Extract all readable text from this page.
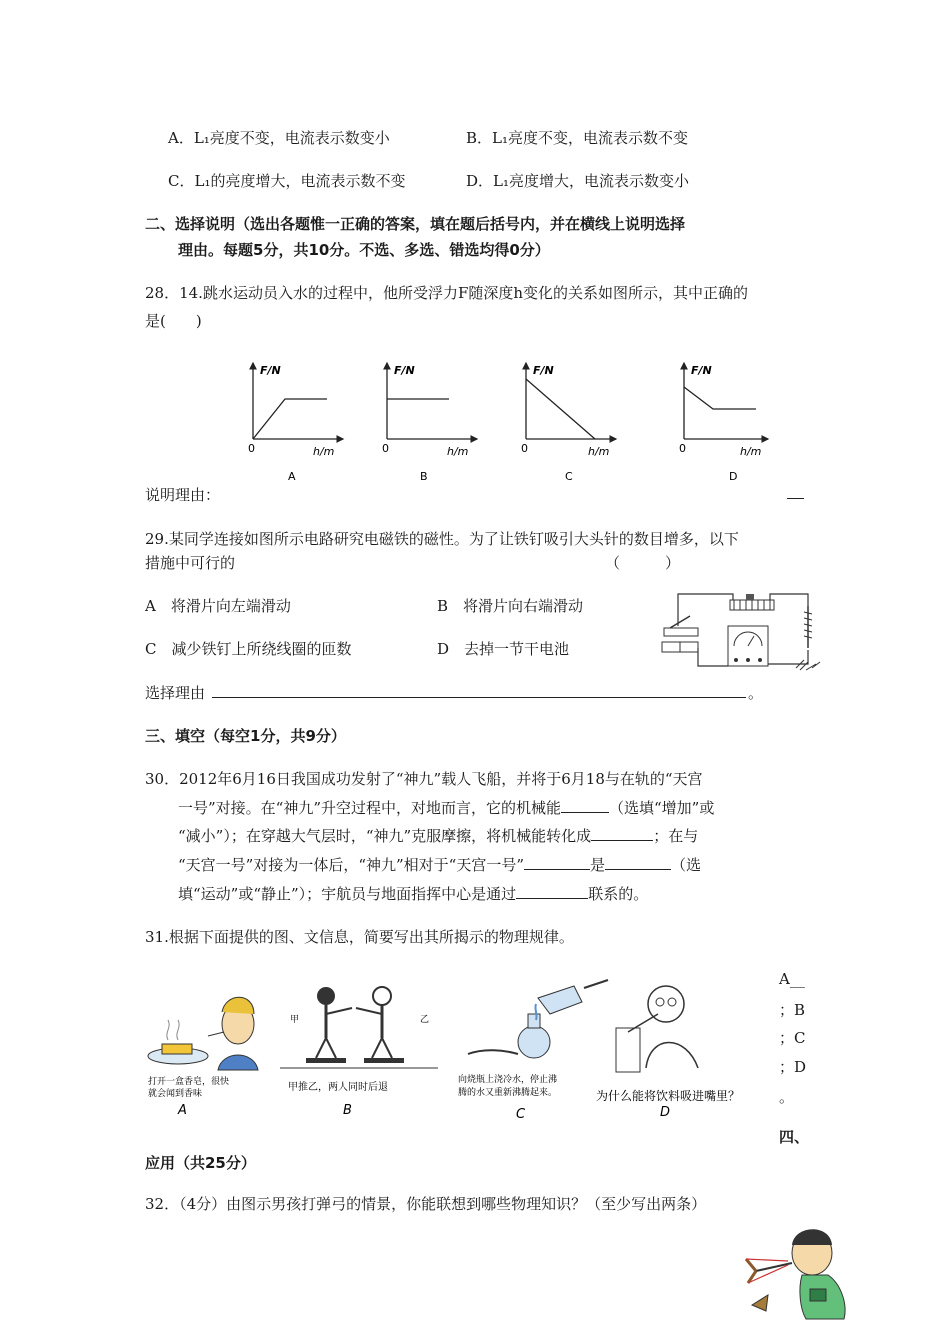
A．L₁亮度不变，电流表示数变小	B．L₁亮度不变，电流表示数不变
C．L₁的亮度增大，电流表示数不变	D．L₁亮度增大，电流表示数变小
二、选择说明（选出各题惟一正确的答案，填在题后括号内，并在横线上说明选择
理由。每题5分，共10分。不选、多选、错选均得0分）
28．14.跳水运动员入水的过程中，他所受浮力F随深度h变化的关系如图所示，其中正确的
是(　　)
F/N
0	h/m
A
F/N
0	h/m
B
F/N
0	h/m
C
F/N
0	h/m
D
说明理由：
29.某同学连接如图所示电路研究电磁铁的磁性。为了让铁钉吸引大头针的数目增多，以下
措施中可行的	（　　　）
A　将滑片向左端滑动	B　将滑片向右端滑动
C　减少铁钉上所绕线圈的匝数	D　去掉一节干电池
选择理由	。
三、填空（每空1分，共9分）
30．2012年6月16日我国成功发射了“神九”载人飞船，并将于6月18与在轨的“天宫
一号”对接。在“神九”升空过程中，对地而言，它的机械能	（选填“增加”或
“减小”）；在穿越大气层时，“神九”克服摩擦，将机械能转化成	；在与
“天宫一号”对接为一体后，“神九”相对于“天宫一号”	是	（选
填“运动”或“静止”）；宇航员与地面指挥中心是通过	联系的。
31.根据下面提供的图、文信息，简要写出其所揭示的物理规律。
打开一盒香皂，很快
就会闻到香味
A
甲	乙
甲推乙，两人同时后退
B
向烧瓶上浇冷水，停止沸
腾的水又重新沸腾起来。
C
为什么能将饮料吸进嘴里？
D
A__
；B
；C
；D
。
四、
应用（共25分）
32．（4分）由图示男孩打弹弓的情景，你能联想到哪些物理知识？（至少写出两条）
